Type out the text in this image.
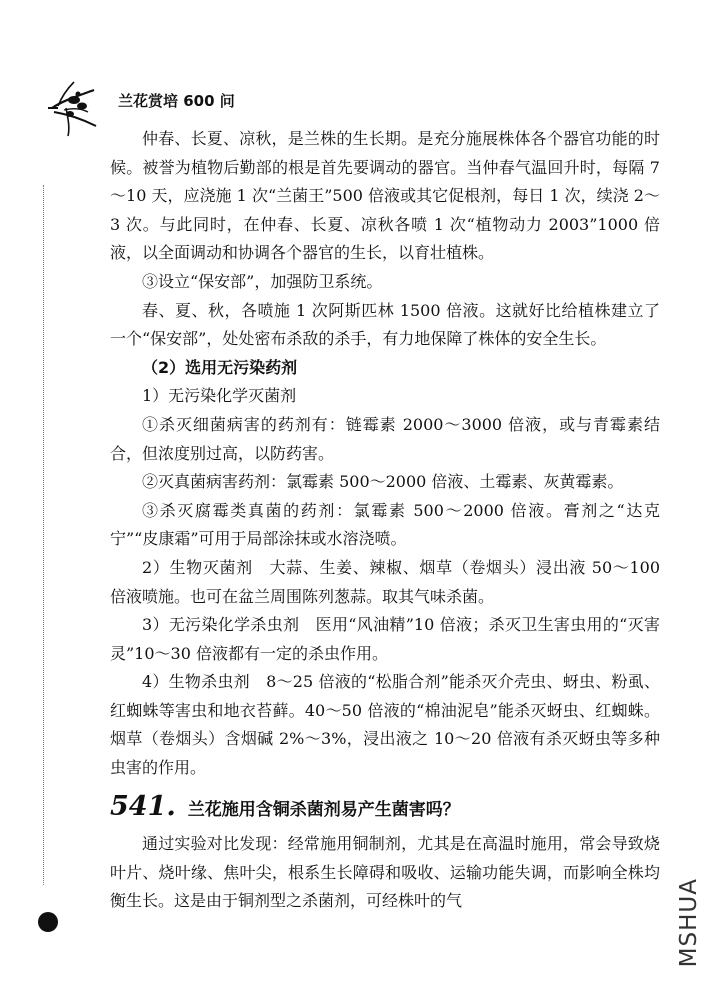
兰花赏培 600 问

仲春、长夏、凉秋，是兰株的生长期。是充分施展株体各个器官功能的时候。被誉为植物后勤部的根是首先要调动的器官。当仲春气温回升时，每隔 7～10 天，应浇施 1 次“兰菌王”500 倍液或其它促根剂，每日 1 次，续浇 2～3 次。与此同时，在仲春、长夏、凉秋各喷 1 次“植物动力 2003”1000 倍液，以全面调动和协调各个器官的生长，以育壮植株。

③设立“保安部”，加强防卫系统。

春、夏、秋，各喷施 1 次阿斯匹林 1500 倍液。这就好比给植株建立了一个“保安部”，处处密布杀敌的杀手，有力地保障了株体的安全生长。

（2）选用无污染药剂

1）无污染化学灭菌剂

①杀灭细菌病害的药剂有：链霉素 2000～3000 倍液，或与青霉素结合，但浓度别过高，以防药害。

②灭真菌病害药剂：氯霉素 500～2000 倍液、土霉素、灰黄霉素。

③杀灭腐霉类真菌的药剂：氯霉素 500～2000 倍液。膏剂之“达克宁”“皮康霜”可用于局部涂抹或水溶浇喷。

2）生物灭菌剂　大蒜、生姜、辣椒、烟草（卷烟头）浸出液 50～100 倍液喷施。也可在盆兰周围陈列葱蒜。取其气味杀菌。

3）无污染化学杀虫剂　医用“风油精”10 倍液；杀灭卫生害虫用的“灭害灵”10～30 倍液都有一定的杀虫作用。

4）生物杀虫剂　8～25 倍液的“松脂合剂”能杀灭介壳虫、蚜虫、粉虱、红蜘蛛等害虫和地衣苔藓。40～50 倍液的“棉油泥皂”能杀灭蚜虫、红蜘蛛。烟草（卷烟头）含烟碱 2%～3%，浸出液之 10～20 倍液有杀灭蚜虫等多种虫害的作用。

541. 兰花施用含铜杀菌剂易产生菌害吗？

通过实验对比发现：经常施用铜制剂，尤其是在高温时施用，常会导致烧叶片、烧叶缘、焦叶尖，根系生长障碍和吸收、运输功能失调，而影响全株均衡生长。这是由于铜剂型之杀菌剂，可经株叶的气	MSHUA
